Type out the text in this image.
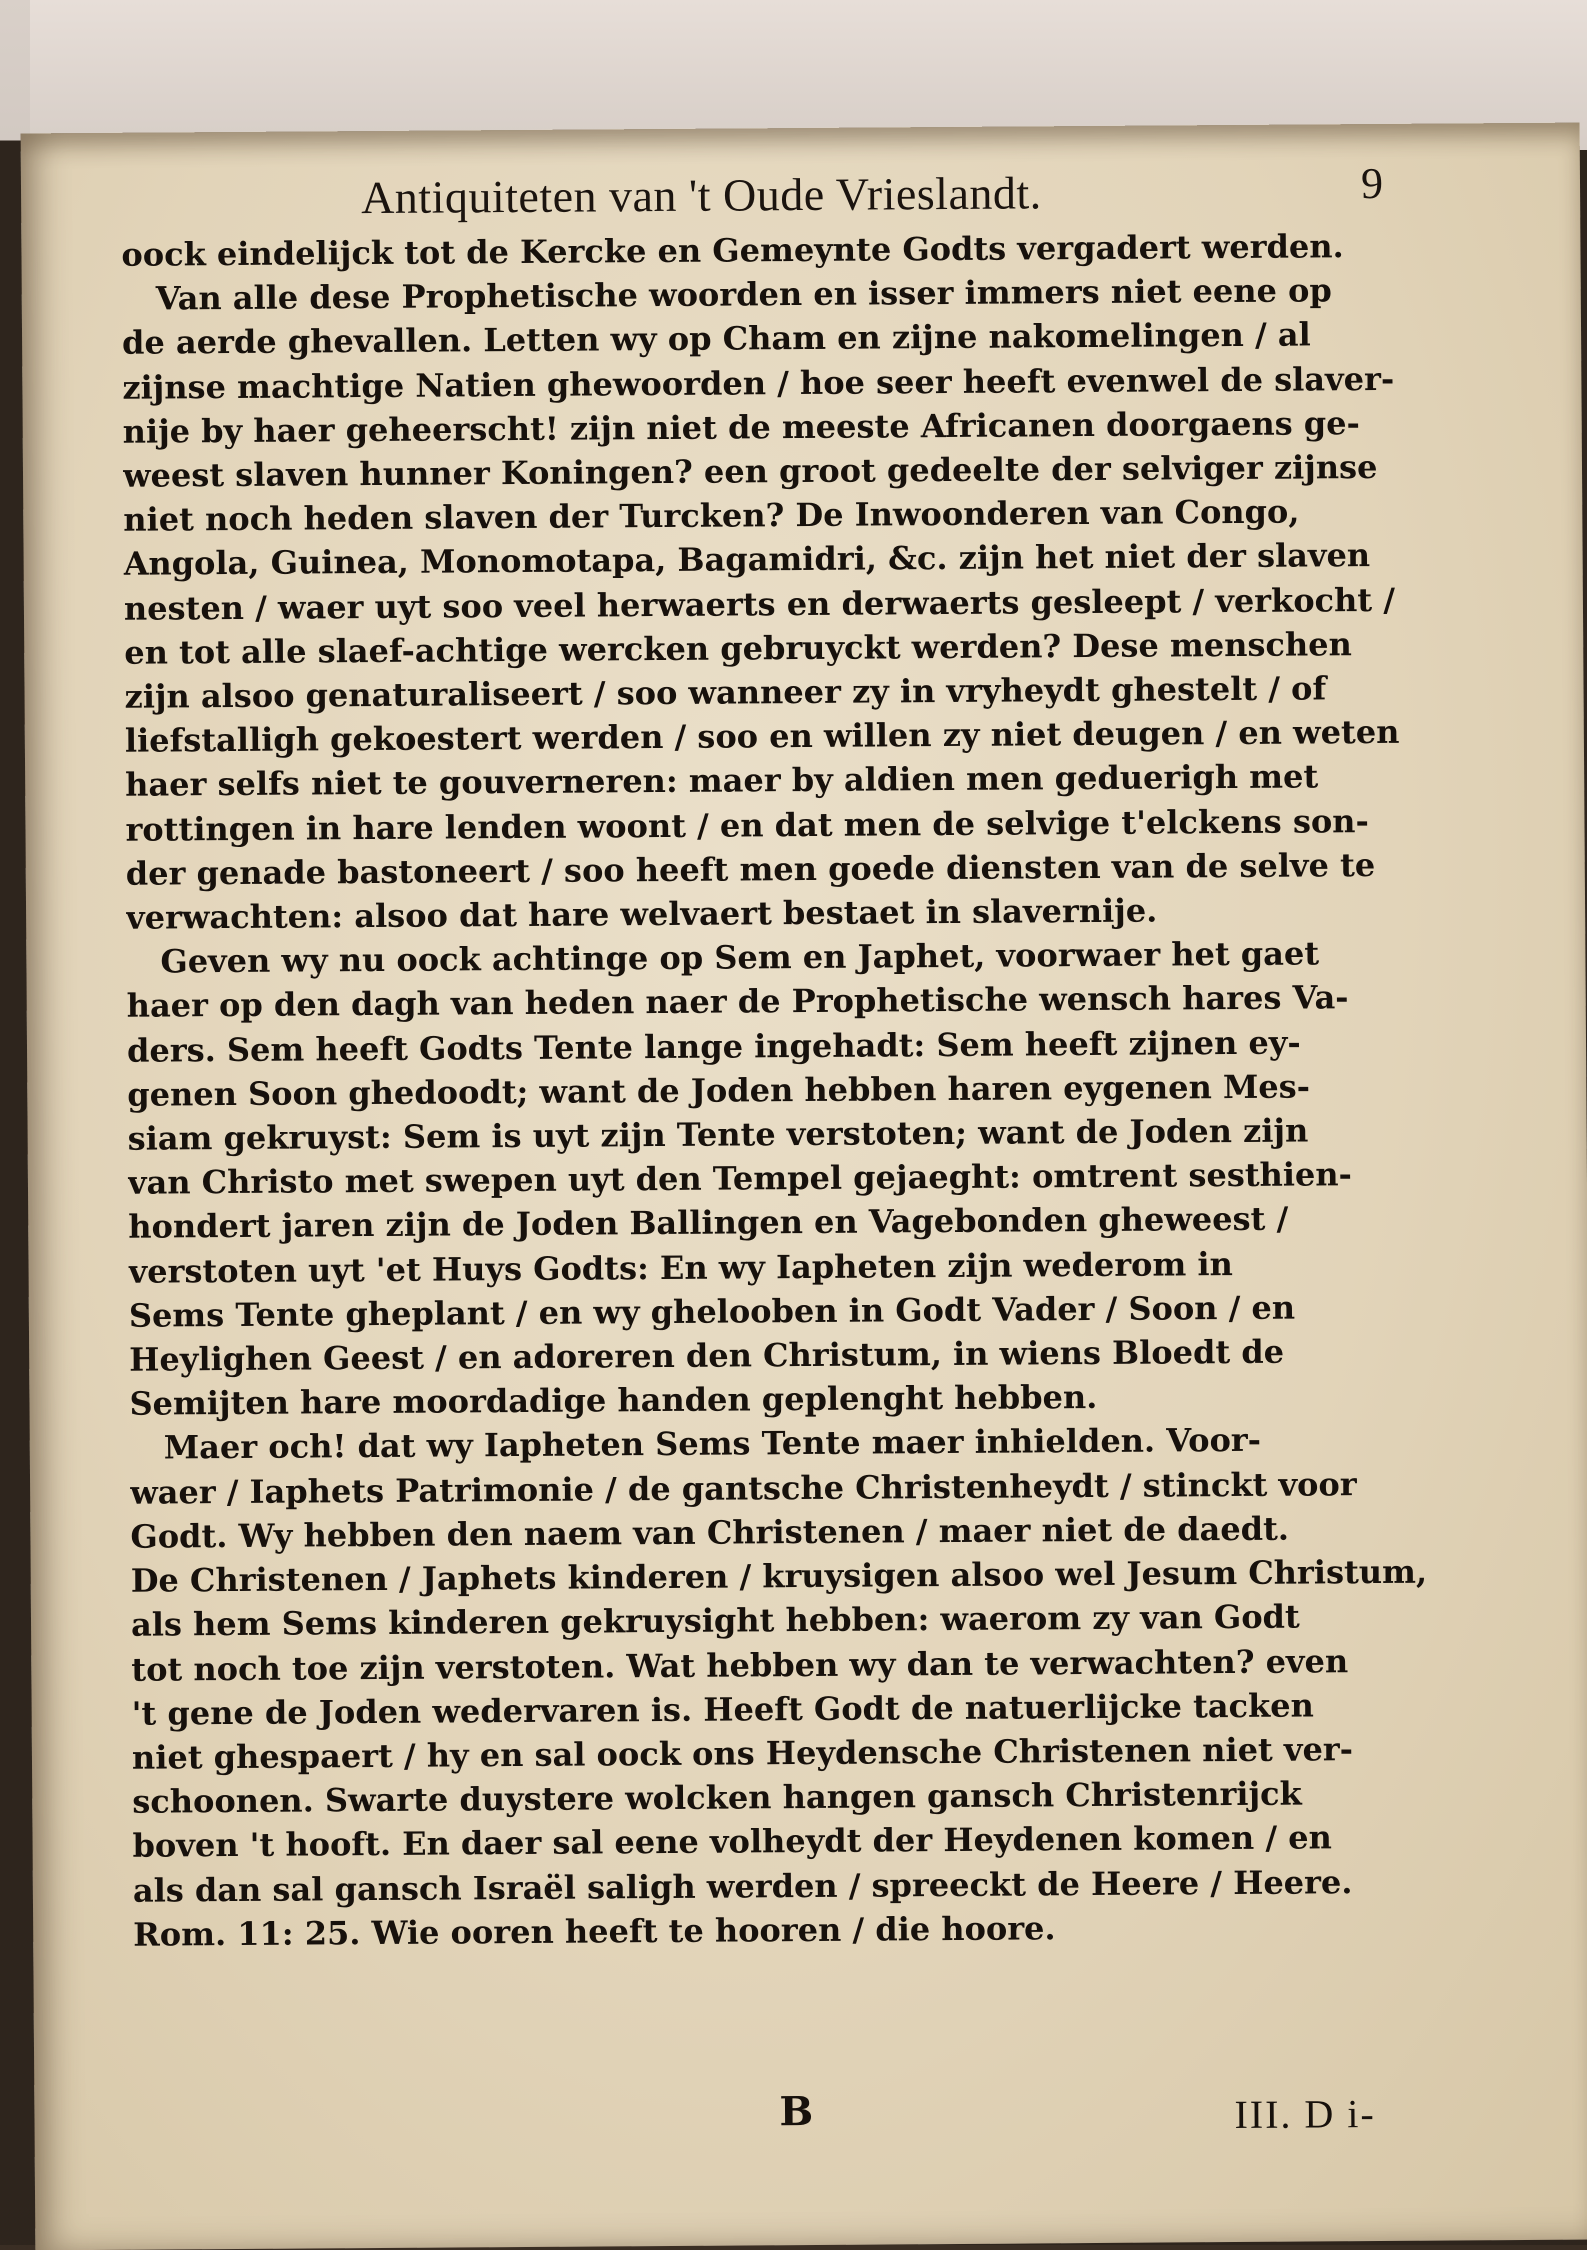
Antiquiteten van 't Oude Vrieslandt.	9
oock eindelijck tot de Kercke en Gemeynte Godts vergadert werden.
Van alle dese Prophetische woorden en isser immers niet eene op
de aerde ghevallen. Letten wy op Cham en zijne nakomelingen / al
zijnse machtige Natien ghewoorden / hoe seer heeft evenwel de slaver-
nije by haer geheerscht! zijn niet de meeste Africanen doorgaens ge-
weest slaven hunner Koningen? een groot gedeelte der selviger zijnse
niet noch heden slaven der Turcken? De Inwoonderen van Congo,
Angola, Guinea, Monomotapa, Bagamidri, &c. zijn het niet der slaven
nesten / waer uyt soo veel herwaerts en derwaerts gesleept / verkocht /
en tot alle slaef-achtige wercken gebruyckt werden? Dese menschen
zijn alsoo genaturaliseert / soo wanneer zy in vryheydt ghestelt / of
liefstalligh gekoestert werden / soo en willen zy niet deugen / en weten
haer selfs niet te gouverneren: maer by aldien men geduerigh met
rottingen in hare lenden woont / en dat men de selvige t'elckens son-
der genade bastoneert / soo heeft men goede diensten van de selve te
verwachten: alsoo dat hare welvaert bestaet in slavernije.
Geven wy nu oock achtinge op Sem en Japhet, voorwaer het gaet
haer op den dagh van heden naer de Prophetische wensch hares Va-
ders. Sem heeft Godts Tente lange ingehadt: Sem heeft zijnen ey-
genen Soon ghedoodt; want de Joden hebben haren eygenen Mes-
siam gekruyst: Sem is uyt zijn Tente verstoten; want de Joden zijn
van Christo met swepen uyt den Tempel gejaeght: omtrent sesthien-
hondert jaren zijn de Joden Ballingen en Vagebonden gheweest /
verstoten uyt 'et Huys Godts: En wy Iapheten zijn wederom in
Sems Tente gheplant / en wy ghelooben in Godt Vader / Soon / en
Heylighen Geest / en adoreren den Christum, in wiens Bloedt de
Semijten hare moordadige handen geplenght hebben.
Maer och! dat wy Iapheten Sems Tente maer inhielden. Voor-
waer / Iaphets Patrimonie / de gantsche Christenheydt / stinckt voor
Godt. Wy hebben den naem van Christenen / maer niet de daedt.
De Christenen / Japhets kinderen / kruysigen alsoo wel Jesum Christum,
als hem Sems kinderen gekruysight hebben: waerom zy van Godt
tot noch toe zijn verstoten. Wat hebben wy dan te verwachten? even
't gene de Joden wedervaren is. Heeft Godt de natuerlijcke tacken
niet ghespaert / hy en sal oock ons Heydensche Christenen niet ver-
schoonen. Swarte duystere wolcken hangen gansch Christenrijck
boven 't hooft. En daer sal eene volheydt der Heydenen komen / en
als dan sal gansch Israël saligh werden / spreeckt de Heere / Heere.
Rom. 11: 25. Wie ooren heeft te hooren / die hoore.
B	III. D i-
